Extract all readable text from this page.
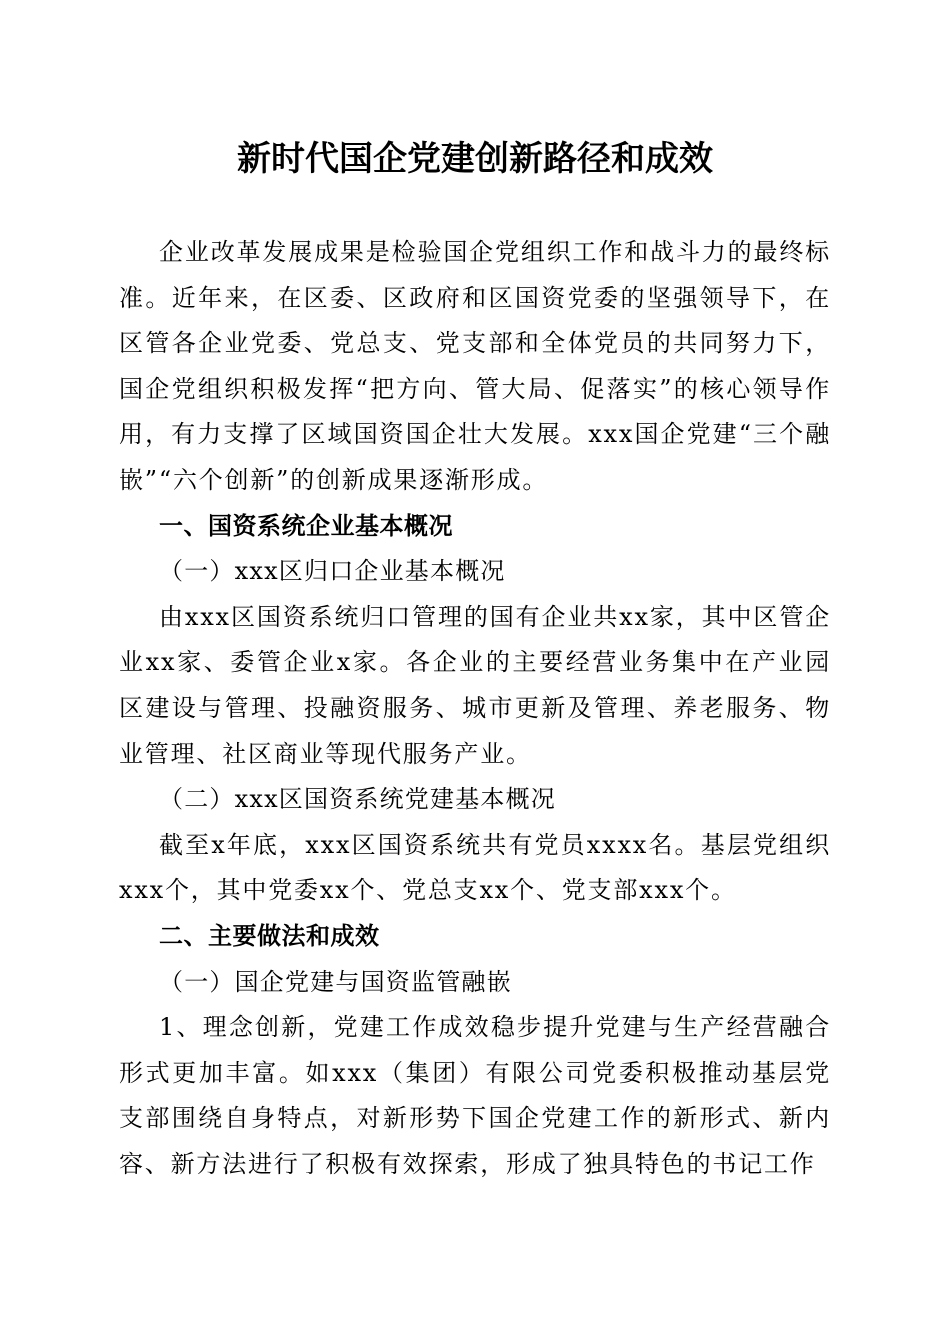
新时代国企党建创新路径和成效

企业改革发展成果是检验国企党组织工作和战斗力的最终标准。近年来，在区委、区政府和区国资党委的坚强领导下，在区管各企业党委、党总支、党支部和全体党员的共同努力下，国企党组织积极发挥“把方向、管大局、促落实”的核心领导作用，有力支撑了区域国资国企壮大发展。xxx国企党建“三个融嵌”“六个创新”的创新成果逐渐形成。

一、国资系统企业基本概况

（一）xxx区归口企业基本概况

由xxx区国资系统归口管理的国有企业共xx家，其中区管企业xx家、委管企业x家。各企业的主要经营业务集中在产业园区建设与管理、投融资服务、城市更新及管理、养老服务、物业管理、社区商业等现代服务产业。

（二）xxx区国资系统党建基本概况

截至x年底，xxx区国资系统共有党员xxxx名。基层党组织xxx个，其中党委xx个、党总支xx个、党支部xxx个。

二、主要做法和成效

（一）国企党建与国资监管融嵌

1、理念创新，党建工作成效稳步提升党建与生产经营融合形式更加丰富。如xxx（集团）有限公司党委积极推动基层党支部围绕自身特点，对新形势下国企党建工作的新形式、新内容、新方法进行了积极有效探索，形成了独具特色的书记工作
